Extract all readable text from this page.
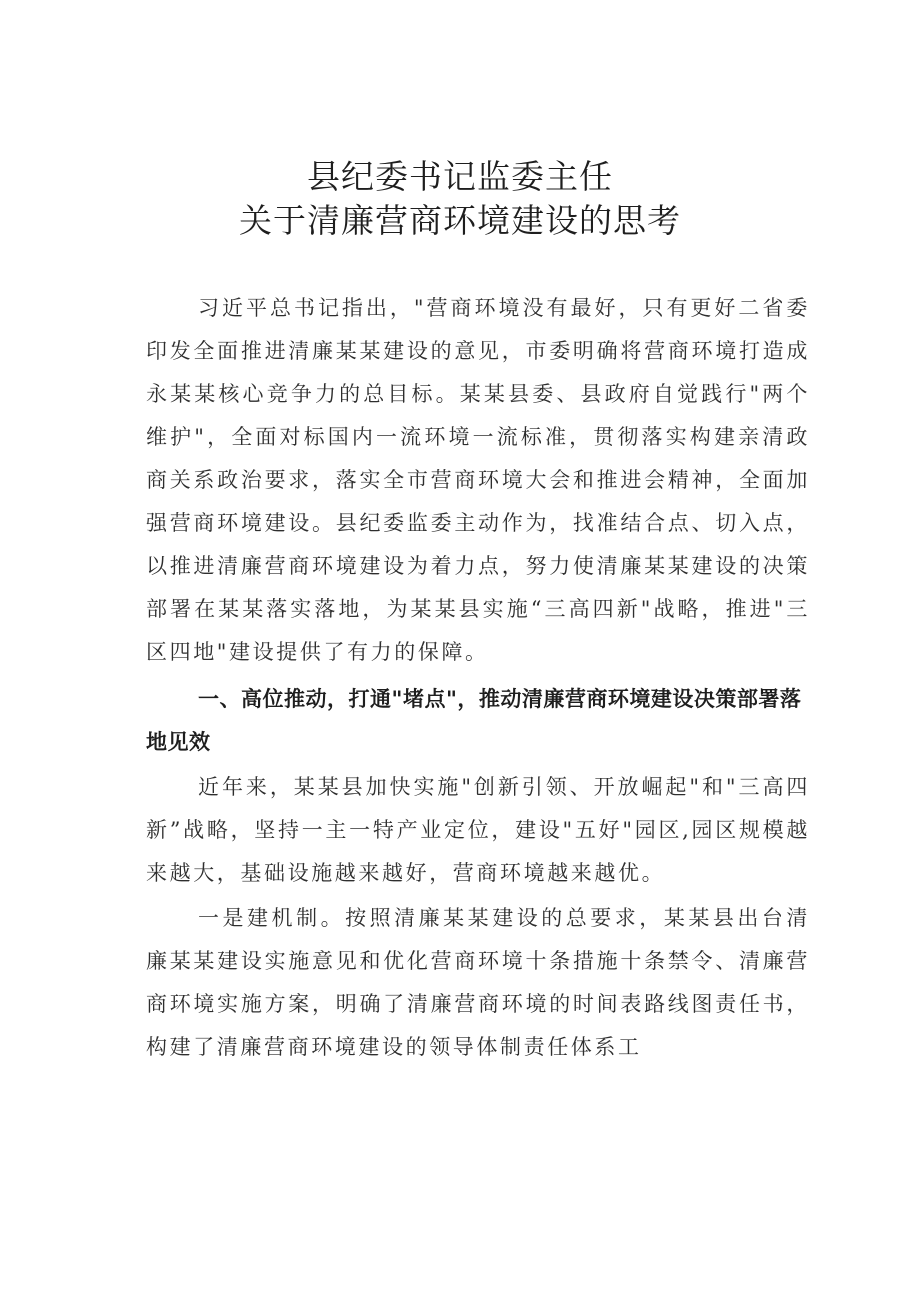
县纪委书记监委主任
关于清廉营商环境建设的思考

习近平总书记指出，"营商环境没有最好，只有更好二省委印发全面推进清廉某某建设的意见，市委明确将营商环境打造成永某某核心竞争力的总目标。某某县委、县政府自觉践行"两个维护"，全面对标国内一流环境一流标准，贯彻落实构建亲清政商关系政治要求，落实全市营商环境大会和推进会精神，全面加强营商环境建设。县纪委监委主动作为，找准结合点、切入点，以推进清廉营商环境建设为着力点，努力使清廉某某建设的决策部署在某某落实落地，为某某县实施“三高四新"战略，推进"三区四地"建设提供了有力的保障。

一、高位推动，打通"堵点"，推动清廉营商环境建设决策部署落地见效

近年来，某某县加快实施"创新引领、开放崛起"和"三高四新”战略，坚持一主一特产业定位，建设"五好"园区,园区规模越来越大，基础设施越来越好，营商环境越来越优。

一是建机制。按照清廉某某建设的总要求，某某县出台清廉某某建设实施意见和优化营商环境十条措施十条禁令、清廉营商环境实施方案，明确了清廉营商环境的时间表路线图责任书，构建了清廉营商环境建设的领导体制责任体系工
